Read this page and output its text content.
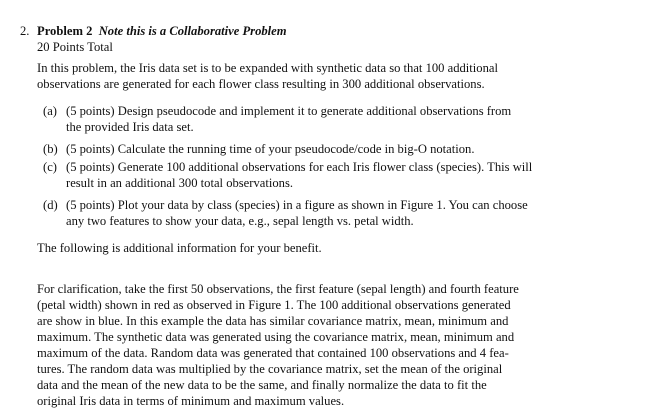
2. Problem 2 Note this is a Collaborative Problem
20 Points Total
In this problem, the Iris data set is to be expanded with synthetic data so that 100 additional
observations are generated for each flower class resulting in 300 additional observations.
(a) (5 points) Design pseudocode and implement it to generate additional observations from
the provided Iris data set.
(b) (5 points) Calculate the running time of your pseudocode/code in big-O notation.
(c) (5 points) Generate 100 additional observations for each Iris flower class (species). This will
result in an additional 300 total observations.
(d) (5 points) Plot your data by class (species) in a figure as shown in Figure 1. You can choose
any two features to show your data, e.g., sepal length vs. petal width.
The following is additional information for your benefit.
For clarification, take the first 50 observations, the first feature (sepal length) and fourth feature
(petal width) shown in red as observed in Figure 1. The 100 additional observations generated
are show in blue. In this example the data has similar covariance matrix, mean, minimum and
maximum. The synthetic data was generated using the covariance matrix, mean, minimum and
maximum of the data. Random data was generated that contained 100 observations and 4 fea-
tures. The random data was multiplied by the covariance matrix, set the mean of the original
data and the mean of the new data to be the same, and finally normalize the data to fit the
original Iris data in terms of minimum and maximum values.
